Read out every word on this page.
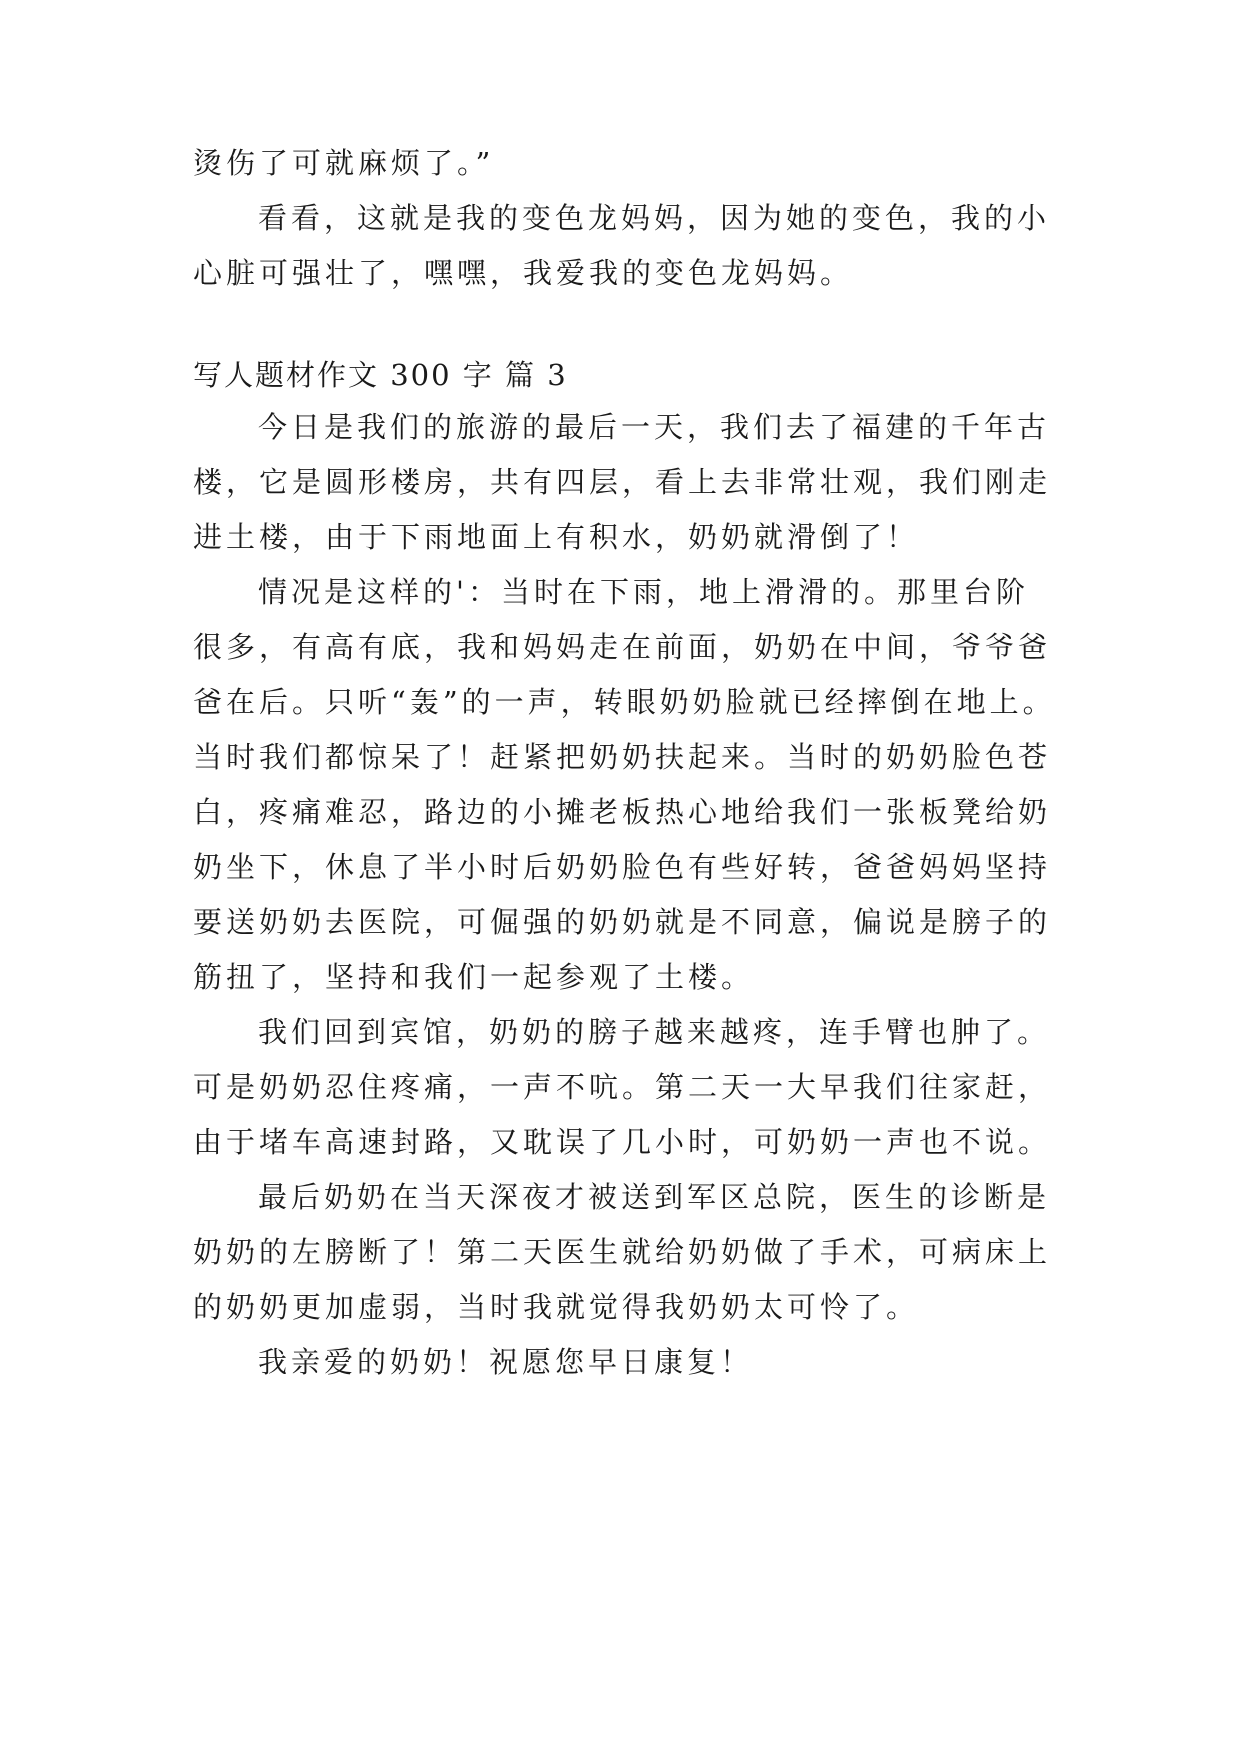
烫伤了可就麻烦了。”
看看，这就是我的变色龙妈妈，因为她的变色，我的小
心脏可强壮了，嘿嘿，我爱我的变色龙妈妈。
写人题材作文 300 字 篇 3
今日是我们的旅游的最后一天，我们去了福建的千年古
楼，它是圆形楼房，共有四层，看上去非常壮观，我们刚走
进土楼，由于下雨地面上有积水，奶奶就滑倒了！
情况是这样的'：当时在下雨，地上滑滑的。那里台阶
很多，有高有底，我和妈妈走在前面，奶奶在中间，爷爷爸
爸在后。只听“轰”的一声，转眼奶奶脸就已经摔倒在地上。
当时我们都惊呆了！赶紧把奶奶扶起来。当时的奶奶脸色苍
白，疼痛难忍，路边的小摊老板热心地给我们一张板凳给奶
奶坐下，休息了半小时后奶奶脸色有些好转，爸爸妈妈坚持
要送奶奶去医院，可倔强的奶奶就是不同意，偏说是膀子的
筋扭了，坚持和我们一起参观了土楼。
我们回到宾馆，奶奶的膀子越来越疼，连手臂也肿了。
可是奶奶忍住疼痛，一声不吭。第二天一大早我们往家赶，
由于堵车高速封路，又耽误了几小时，可奶奶一声也不说。
最后奶奶在当天深夜才被送到军区总院，医生的诊断是
奶奶的左膀断了！第二天医生就给奶奶做了手术，可病床上
的奶奶更加虚弱，当时我就觉得我奶奶太可怜了。
我亲爱的奶奶！祝愿您早日康复！
